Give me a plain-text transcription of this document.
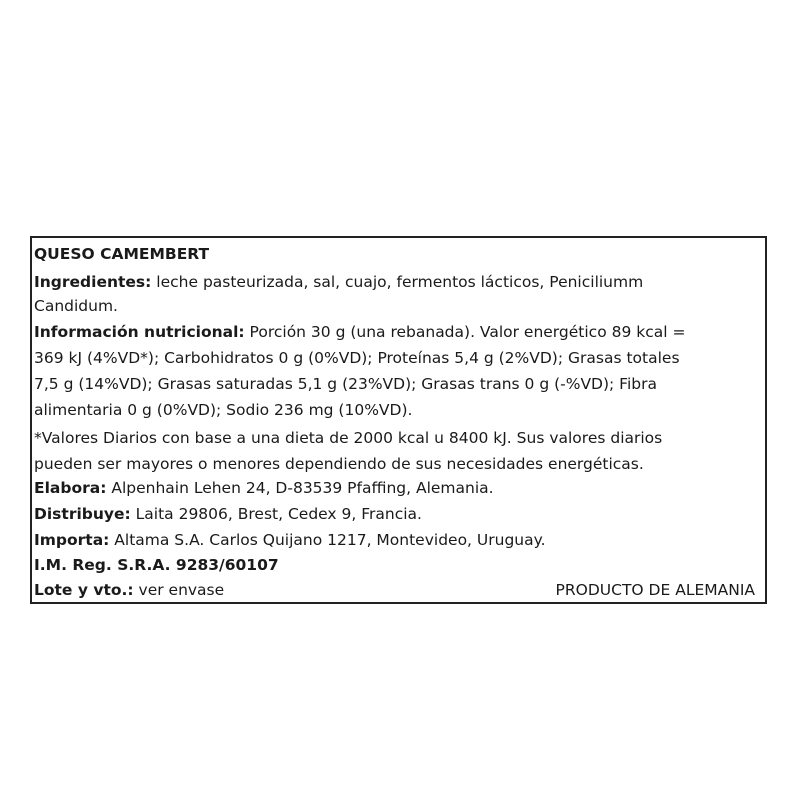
QUESO CAMEMBERT
Ingredientes: leche pasteurizada, sal, cuajo, fermentos lácticos, Peniciliumm
Candidum.
Información nutricional: Porción 30 g (una rebanada). Valor energético 89 kcal =
369 kJ (4%VD*); Carbohidratos 0 g (0%VD); Proteínas 5,4 g (2%VD); Grasas totales
7,5 g (14%VD); Grasas saturadas 5,1 g (23%VD); Grasas trans 0 g (-%VD); Fibra
alimentaria 0 g (0%VD); Sodio 236 mg (10%VD).
*Valores Diarios con base a una dieta de 2000 kcal u 8400 kJ. Sus valores diarios
pueden ser mayores o menores dependiendo de sus necesidades energéticas.
Elabora: Alpenhain Lehen 24, D-83539 Pfaffing, Alemania.
Distribuye: Laita 29806, Brest, Cedex 9, Francia.
Importa: Altama S.A. Carlos Quijano 1217, Montevideo, Uruguay.
I.M. Reg. S.R.A. 9283/60107
Lote y vto.: ver envase	PRODUCTO DE ALEMANIA
